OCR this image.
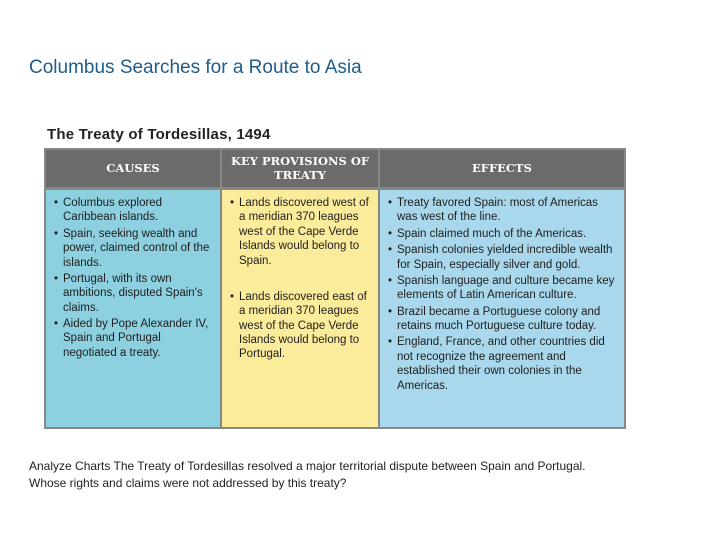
Columbus Searches for a Route to Asia
The Treaty of Tordesillas, 1494
CAUSES	KEY PROVISIONS OF TREATY	EFFECTS
• Columbus explored Caribbean islands.
• Spain, seeking wealth and power, claimed control of the islands.
• Portugal, with its own ambitions, disputed Spain's claims.
• Aided by Pope Alexander IV, Spain and Portugal negotiated a treaty.
• Lands discovered west of a meridian 370 leagues west of the Cape Verde Islands would belong to Spain.
• Lands discovered east of a meridian 370 leagues west of the Cape Verde Islands would belong to Portugal.
• Treaty favored Spain: most of Americas was west of the line.
• Spain claimed much of the Americas.
• Spanish colonies yielded incredible wealth for Spain, especially silver and gold.
• Spanish language and culture became key elements of Latin American culture.
• Brazil became a Portuguese colony and retains much Portuguese culture today.
• England, France, and other countries did not recognize the agreement and established their own colonies in the Americas.
Analyze Charts The Treaty of Tordesillas resolved a major territorial dispute between Spain and Portugal. Whose rights and claims were not addressed by this treaty?
